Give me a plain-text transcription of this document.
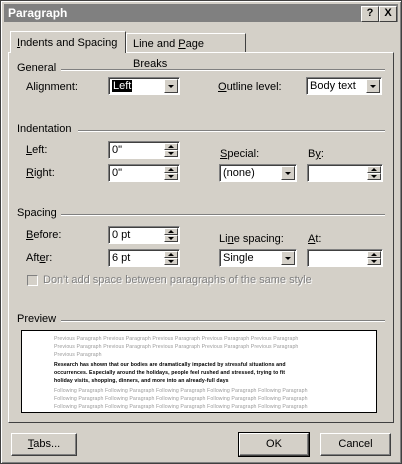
Paragraph	? X
Indents and Spacing	Line and Page Breaks
General
Alignment:	Left	Outline level:	Body text
Indentation
Left:	0"
Right:	0"
Special:
(none)
By:
Spacing
Before:	0 pt
After:	6 pt
Line spacing:
Single
At:
Don't add space between paragraphs of the same style
Preview
Previous Paragraph Previous Paragraph Previous Paragraph Previous Paragraph Previous Paragraph
Previous Paragraph Previous Paragraph Previous Paragraph Previous Paragraph Previous Paragraph
Previous Paragraph
Research has shown that our bodies are dramatically impacted by stressful situations and
occurrences. Especially around the holidays, people feel rushed and stressed, trying to fit
holiday visits, shopping, dinners, and more into an already-full days
Following Paragraph Following Paragraph Following Paragraph Following Paragraph Following Paragraph
Following Paragraph Following Paragraph Following Paragraph Following Paragraph Following Paragraph
Following Paragraph Following Paragraph Following Paragraph Following Paragraph Following Paragraph
Tabs...	OK	Cancel
